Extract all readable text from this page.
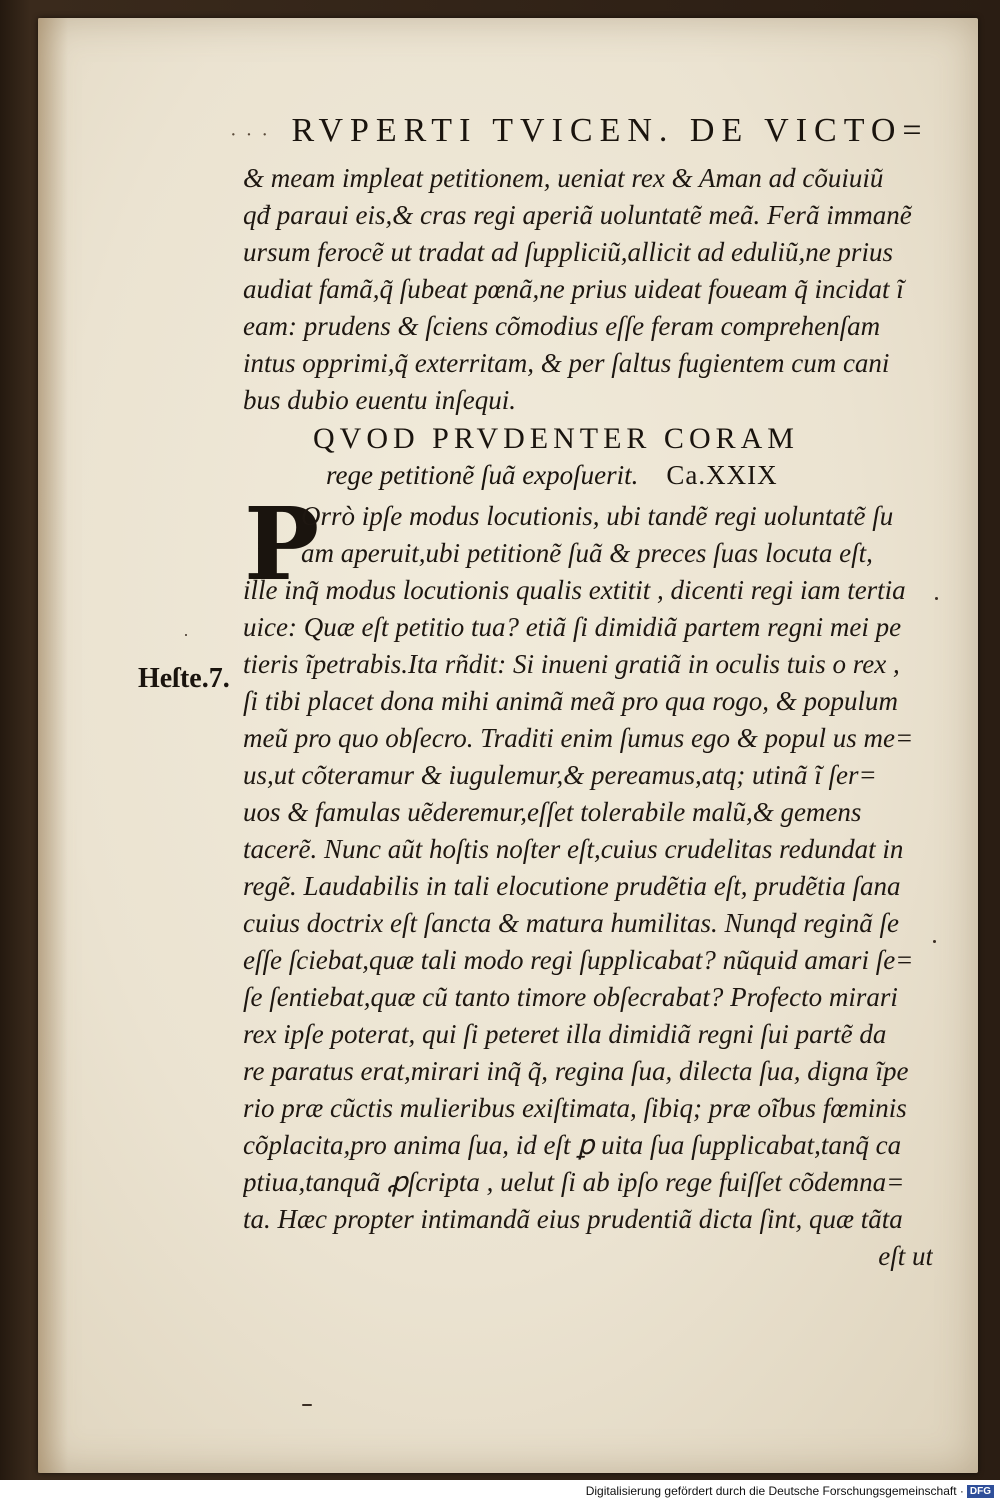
· · · RVPERTI TVICEN. DE VICTO=
& meam impleat petitionem, ueniat rex & Aman ad cõuiuiũ
qđ paraui eis,& cras regi aperiã uoluntatẽ meã. Ferã immanẽ
ursum ferocẽ ut tradat ad ſuppliciũ,allicit ad eduliũ,ne prius
audiat famã,q̃ ſubeat pœnã,ne prius uideat foueam q̃ incidat ĩ
eam: prudens & ſciens cõmodius eſſe feram comprehenſam
intus opprimi,q̃ exterritam, & per ſaltus fugientem cum cani
bus dubio euentu inſequi.
QVOD PRVDENTER CORAM
rege petitionẽ ſuã expoſuerit. Ca.XXIX
P
Heſte.7.
Orrò ipſe modus locutionis, ubi tandẽ regi uoluntatẽ ſu
am aperuit,ubi petitionẽ ſuã & preces ſuas locuta eſt,
ille inq̃ modus locutionis qualis extitit , dicenti regi iam tertia
uice: Quæ eſt petitio tua? etiã ſi dimidiã partem regni mei pe
tieris ĩpetrabis.Ita rñdit: Si inueni gratiã in oculis tuis o rex ,
ſi tibi placet dona mihi animã meã pro qua rogo, & populum
meũ pro quo obſecro. Traditi enim ſumus ego & popul us me=
us,ut cõteramur & iugulemur,& pereamus,atq; utinã ĩ ſer=
uos & famulas uẽderemur,eſſet tolerabile malũ,& gemens
tacerẽ. Nunc aũt hoſtis noſter eſt,cuius crudelitas redundat in
regẽ. Laudabilis in tali elocutione prudẽtia eſt, prudẽtia ſana
cuius doctrix eſt ſancta & matura humilitas. Nunqd reginã ſe
eſſe ſciebat,quæ tali modo regi ſupplicabat? nũquid amari ſe=
ſe ſentiebat,quæ cũ tanto timore obſecrabat? Profecto mirari
rex ipſe poterat, qui ſi peteret illa dimidiã regni ſui partẽ da
re paratus erat,mirari inq̃ q̃, regina ſua, dilecta ſua, digna ĩpe
rio præ cũctis mulieribus exiſtimata, ſibiq; præ oĩbus fœminis
cõplacita,pro anima ſua, id eſt ꝑ uita ſua ſupplicabat,tanq̃ ca
ptiua,tanquã ꝓſcripta , uelut ſi ab ipſo rege fuiſſet cõdemna=
ta. Hæc propter intimandã eius prudentiã dicta ſint, quæ tãta
eſt ut
Digitalisierung gefördert durch die Deutsche Forschungsgemeinschaft · DFG
